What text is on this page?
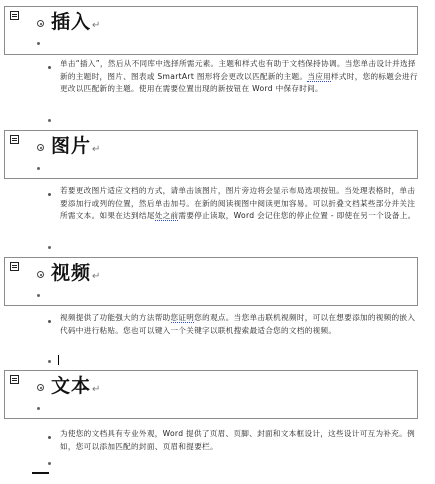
插入↵
单击“插入”，然后从不同库中选择所需元素。主题和样式也有助于文档保持协调。当您单击设计并选择新的主题时，图片、图表或 SmartArt 图形将会更改以匹配新的主题。当应用样式时，您的标题会进行更改以匹配新的主题。使用在需要位置出现的新按钮在 Word 中保存时间。
图片↵
若要更改图片适应文档的方式，请单击该图片，图片旁边将会显示布局选项按钮。当处理表格时，单击要添加行或列的位置，然后单击加号。在新的阅读视图中阅读更加容易。可以折叠文档某些部分并关注所需文本。如果在达到结尾处之前需要停止读取，Word 会记住您的停止位置 - 即使在另一个设备上。
视频↵
视频提供了功能强大的方法帮助您证明您的观点。当您单击联机视频时，可以在想要添加的视频的嵌入代码中进行粘贴。您也可以键入一个关键字以联机搜索最适合您的文档的视频。
文本↵
为使您的文档具有专业外观，Word 提供了页眉、页脚、封面和文本框设计，这些设计可互为补充。例如，您可以添加匹配的封面、页眉和提要栏。
